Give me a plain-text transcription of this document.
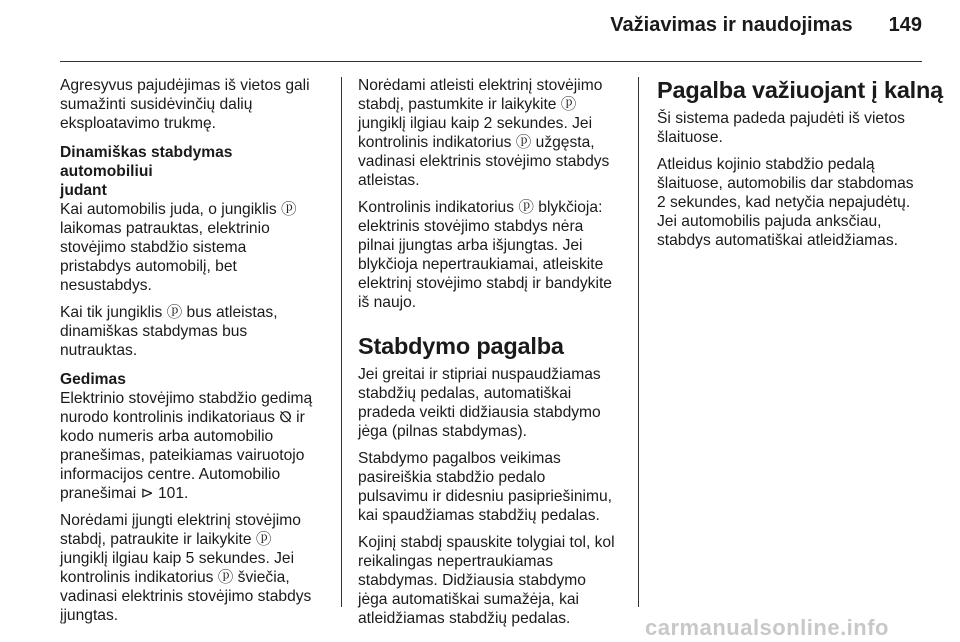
Važiavimas ir naudojimas 149

Agresyvus pajudėjimas iš vietos gali
sumažinti susidėvinčių dalių
eksploatavimo trukmę.

Dinamiškas stabdymas automobiliui
judant

Kai automobilis juda, o jungiklis ⓟ
laikomas patrauktas, elektrinio
stovėjimo stabdžio sistema
pristabdys automobilį, bet
nesustabdys.

Kai tik jungiklis ⓟ bus atleistas,
dinamiškas stabdymas bus
nutrauktas.

Gedimas

Elektrinio stovėjimo stabdžio gedimą
nurodo kontrolinis indikatoriaus ⦰ ir
kodo numeris arba automobilio
pranešimas, pateikiamas vairuotojo
informacijos centre. Automobilio
pranešimai ⊳ 101.

Norėdami įjungti elektrinį stovėjimo
stabdį, patraukite ir laikykite ⓟ
jungiklį ilgiau kaip 5 sekundes. Jei
kontrolinis indikatorius ⓟ šviečia,
vadinasi elektrinis stovėjimo stabdys
įjungtas.

Norėdami atleisti elektrinį stovėjimo
stabdį, pastumkite ir laikykite ⓟ
jungiklį ilgiau kaip 2 sekundes. Jei
kontrolinis indikatorius ⓟ užgęsta,
vadinasi elektrinis stovėjimo stabdys
atleistas.

Kontrolinis indikatorius ⓟ blykčioja:
elektrinis stovėjimo stabdys nėra
pilnai įjungtas arba išjungtas. Jei
blykčioja nepertraukiamai, atleiskite
elektrinį stovėjimo stabdį ir bandykite
iš naujo.

Stabdymo pagalba

Jei greitai ir stipriai nuspaudžiamas
stabdžių pedalas, automatiškai
pradeda veikti didžiausia stabdymo
jėga (pilnas stabdymas).

Stabdymo pagalbos veikimas
pasireiškia stabdžio pedalo
pulsavimu ir didesniu pasipriešinimu,
kai spaudžiamas stabdžių pedalas.

Kojinį stabdį spauskite tolygiai tol, kol
reikalingas nepertraukiamas
stabdymas. Didžiausia stabdymo
jėga automatiškai sumažėja, kai
atleidžiamas stabdžių pedalas.

Pagalba važiuojant į kalną

Ši sistema padeda pajudėti iš vietos
šlaituose.

Atleidus kojinio stabdžio pedalą
šlaituose, automobilis dar stabdomas
2 sekundes, kad netyčia nepajudėtų.
Jei automobilis pajuda anksčiau,
stabdys automatiškai atleidžiamas.

carmanualsonline.info
